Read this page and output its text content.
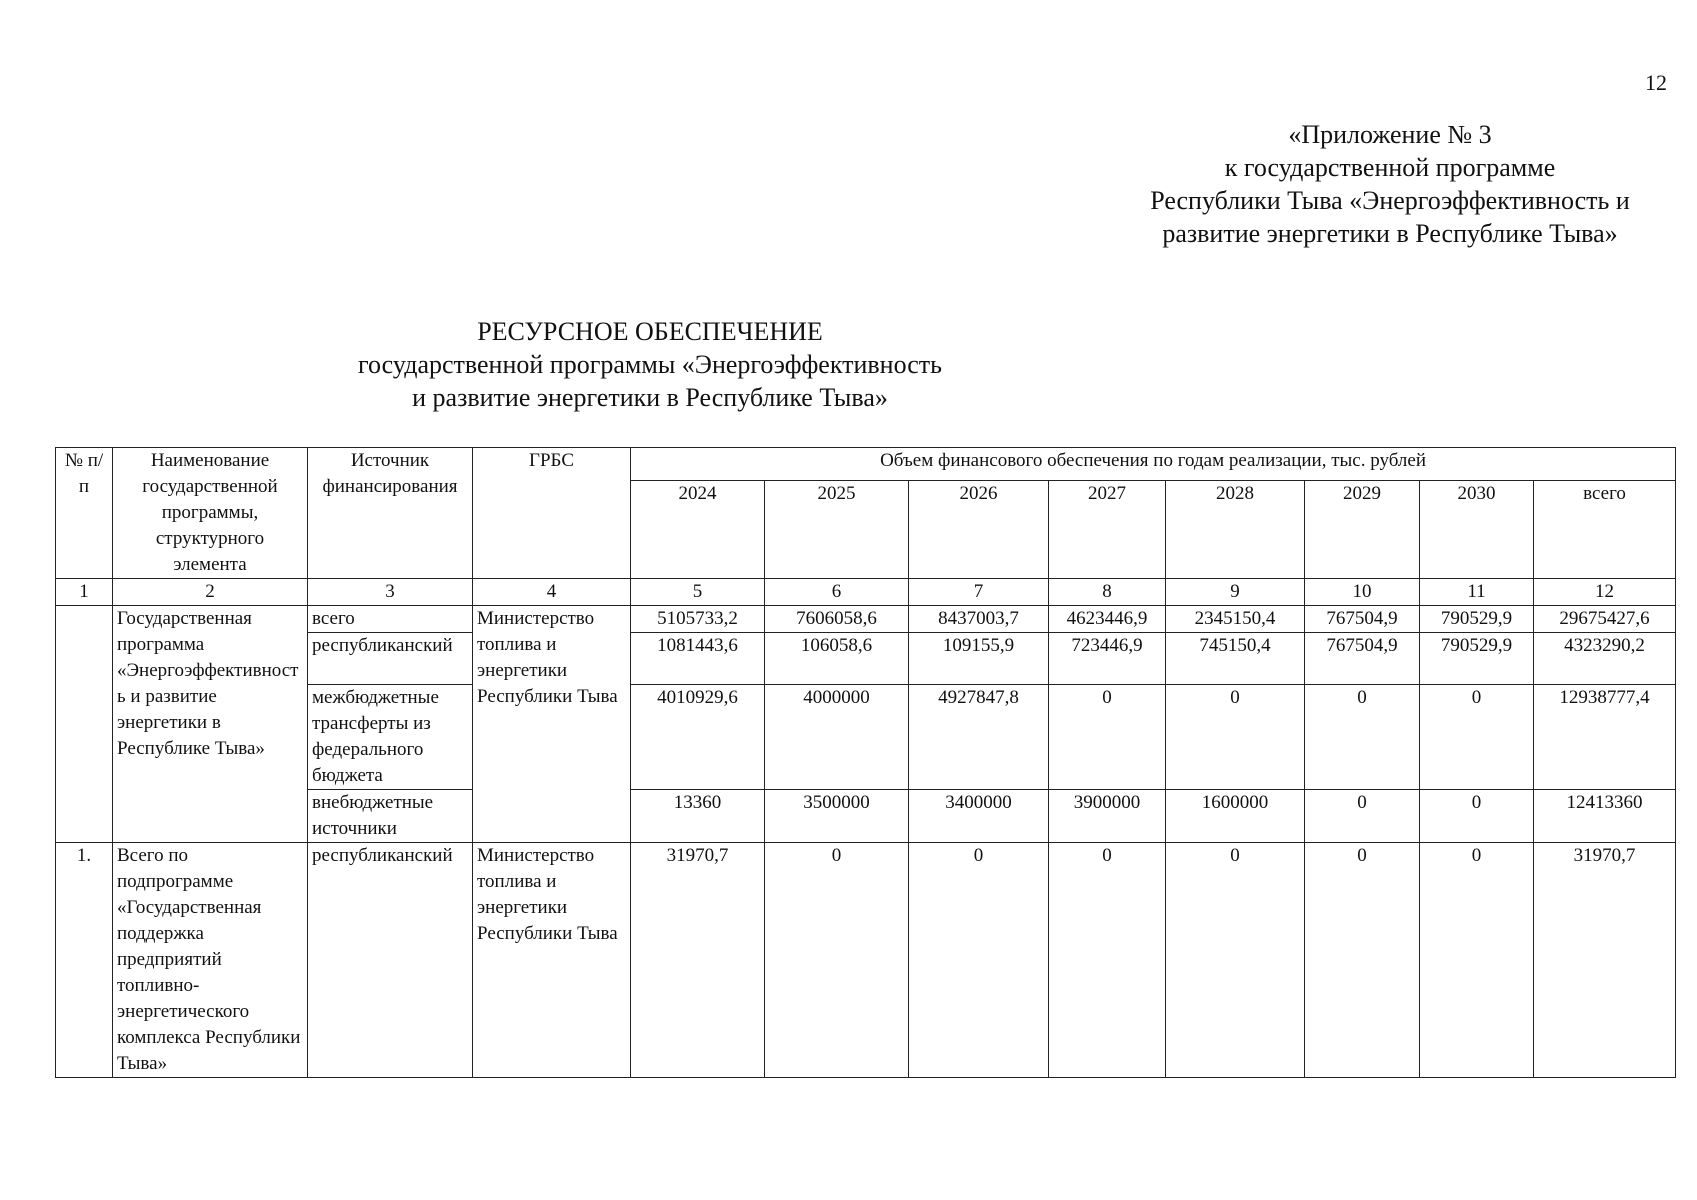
12
«Приложение № 3
к государственной программе
Республики Тыва «Энергоэффективность и
развитие энергетики в Республике Тыва»
РЕСУРСНОЕ ОБЕСПЕЧЕНИЕ
государственной программы «Энергоэффективность
и развитие энергетики в Республике Тыва»
№ п/п	Наименование государственной программы, структурного элемента	Источник финансирования	ГРБС	Объем финансового обеспечения по годам реализации, тыс. рублей							
				2024	2025	2026	2027	2028	2029	2030	всего
1	2	3	4	5	6	7	8	9	10	11	12
	Государственная программа «Энергоэффективность и развитие энергетики в Республике Тыва»	всего	Министерство топлива и энергетики Республики Тыва	5105733,2	7606058,6	8437003,7	4623446,9	2345150,4	767504,9	790529,9	29675427,6
		республиканский		1081443,6	106058,6	109155,9	723446,9	745150,4	767504,9	790529,9	4323290,2
		межбюджетные трансферты из федерального бюджета		4010929,6	4000000	4927847,8	0	0	0	0	12938777,4
		внебюджетные источники		13360	3500000	3400000	3900000	1600000	0	0	12413360
1.	Всего по подпрограмме «Государственная поддержка предприятий топливно-энергетического комплекса Республики Тыва»	республиканский	Министерство топлива и энергетики Республики Тыва	31970,7	0	0	0	0	0	0	31970,7
